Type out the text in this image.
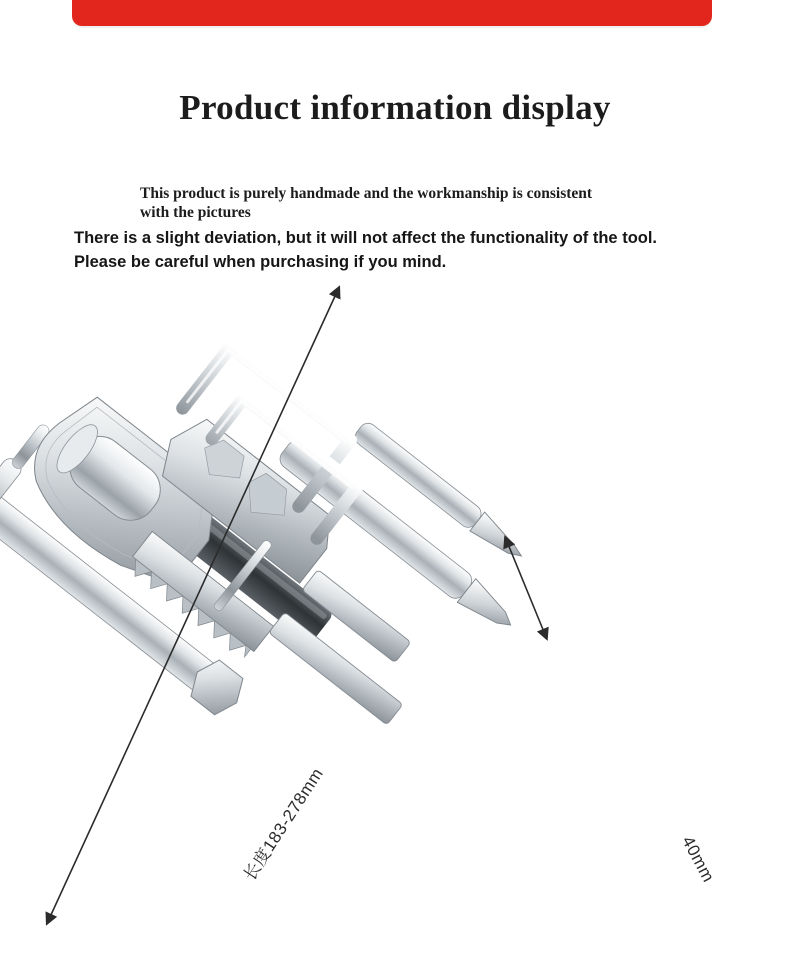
Product information display
This product is purely handmade and the workmanship is consistent
with the pictures
There is a slight deviation, but it will not affect the functionality of the tool.
Please be careful when purchasing if you mind.
长度183-278mm	40mm
